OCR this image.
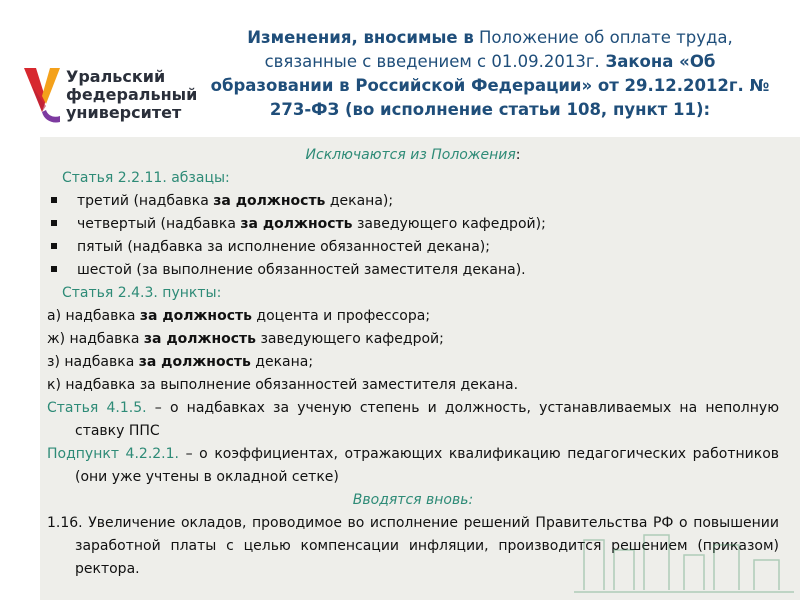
Уральский
федеральный
университет
Изменения, вносимые в Положение об оплате труда, связанные с введением с 01.09.2013г. Закона «Об образовании в Российской Федерации» от 29.12.2012г. № 273-ФЗ (во исполнение статьи 108, пункт 11):

Исключаются из Положения:

Статья 2.2.11. абзацы:

третий (надбавка за должность декана);

четвертый (надбавка за должность заведующего кафедрой);

пятый (надбавка за исполнение обязанностей декана);

шестой (за выполнение обязанностей заместителя декана).

Статья 2.4.3. пункты:

а) надбавка за должность доцента и профессора;

ж) надбавка за должность заведующего кафедрой;

з) надбавка за должность декана;

к) надбавка за выполнение обязанностей заместителя декана.

Статья 4.1.5. – о надбавках за ученую степень и должность, устанавливаемых на неполную ставку ППС

Подпункт 4.2.2.1. – о коэффициентах, отражающих квалификацию педагогических работников (они уже учтены в окладной сетке)

Вводятся вновь:

1.16. Увеличение окладов, проводимое во исполнение решений Правительства РФ о повышении заработной платы с целью компенсации инфляции, производится решением (приказом) ректора.
